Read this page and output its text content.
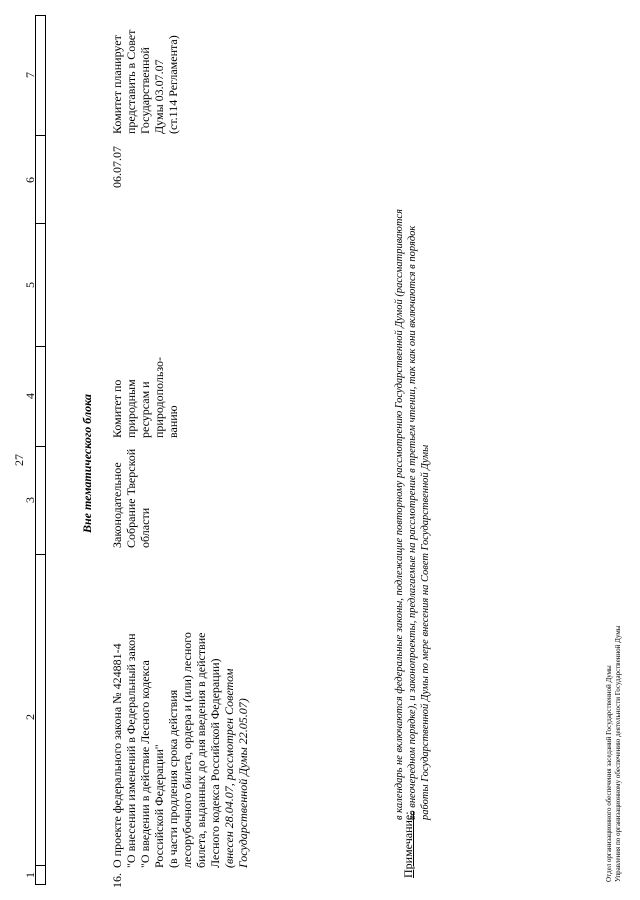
27
1
2
3
4
5
6
7
Вне тематического блока
16.
О проекте федерального закона № 424881-4 "О внесении изменений в Федеральный закон "О введении в действие Лесного кодекса Российской Федерации" (в части продления срока действия лесорубочного билета, ордера и (или) лесного билета, выданных до дня введения в действие Лесного кодекса Российской Федерации) (внесен 28.04.07, рассмотрен Советом Государственной Думы 22.05.07)
Законодательное Собрание Тверской области
Комитет по природным ресурсам и природопользо- ванию
06.07.07
Комитет планирует представить в Совет Государственной Думы 03.07.07 (ст.114 Регламента)
Примечание:
в календарь не включаются федеральные законы, подлежащие повторному рассмотрению Государственной Думой (рассматриваются во внеочередном порядке), и законопроекты, предлагаемые на рассмотрение в третьем чтении, так как они включаются в порядок работы Государственной Думы по мере внесения на Совет Государственной Думы	Отдел организационного обеспечения заседаний Государственной Думы Управления по организационному обеспечению деятельности Государственной Думы
